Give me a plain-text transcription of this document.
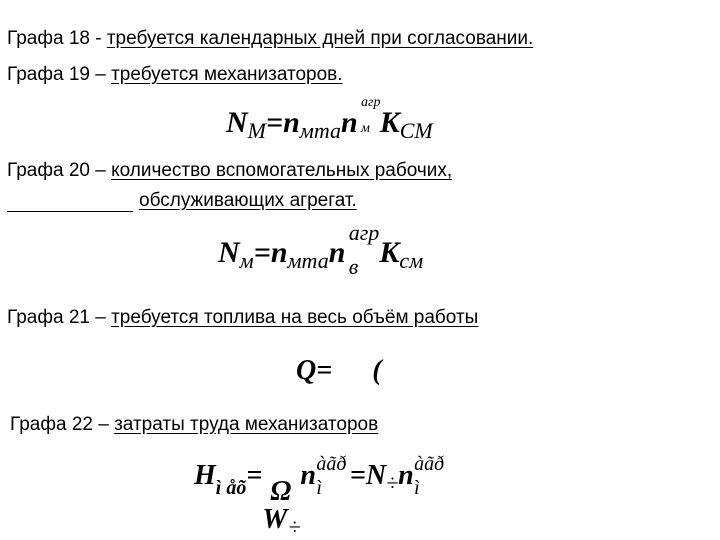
Графа 18 - требуется календарных дней при согласовании.
Графа 19 – требуется механизаторов.
$N_М=n_{мта}n$
агр
м $K_{СМ}$
Графа 20 – количество вспомогательных рабочих,
обслуживающих агрегат.
$N_м=n_{мта}n$
агр
в $K_{см}$
Графа 21 – требуется топлива на весь объём работы
Q= (
Графа 22 – затраты труда механизаторов
$H_{ì åõ}=$
Ω
W ÷
n àãð
ì $=N_\div n$ àãð
ì
